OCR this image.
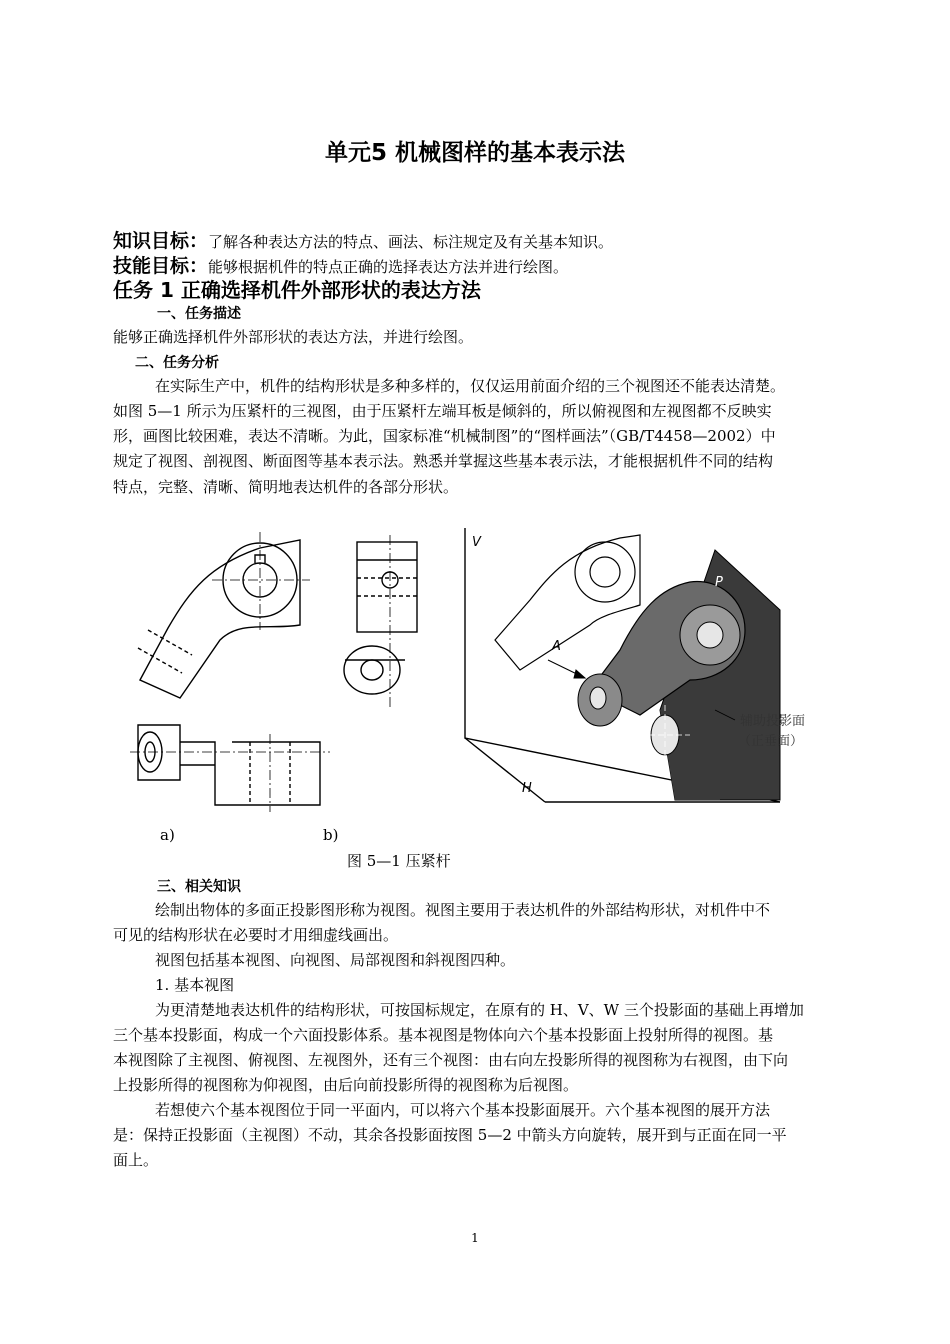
单元5 机械图样的基本表示法
知识目标：了解各种表达方法的特点、画法、标注规定及有关基本知识。
技能目标：能够根据机件的特点正确的选择表达方法并进行绘图。
任务 1 正确选择机件外部形状的表达方法
一、任务描述
能够正确选择机件外部形状的表达方法，并进行绘图。
二、任务分析
在实际生产中，机件的结构形状是多种多样的，仅仅运用前面介绍的三个视图还不能表达清楚。
如图 5—1 所示为压紧杆的三视图，由于压紧杆左端耳板是倾斜的，所以俯视图和左视图都不反映实
形，画图比较困难，表达不清晰。为此，国家标准“机械制图”的“图样画法”（GB/T4458—2002）中
规定了视图、剖视图、断面图等基本表示法。熟悉并掌握这些基本表示法，才能根据机件不同的结构
特点，完整、清晰、简明地表达机件的各部分形状。
V
H
P
A
辅助投影面
（正垂面）
a)	b)
图 5—1 压紧杆
三、相关知识
绘制出物体的多面正投影图形称为视图。视图主要用于表达机件的外部结构形状，对机件中不
可见的结构形状在必要时才用细虚线画出。
视图包括基本视图、向视图、局部视图和斜视图四种。
1. 基本视图
为更清楚地表达机件的结构形状，可按国标规定，在原有的 H、V、W 三个投影面的基础上再增加
三个基本投影面，构成一个六面投影体系。基本视图是物体向六个基本投影面上投射所得的视图。基
本视图除了主视图、俯视图、左视图外，还有三个视图：由右向左投影所得的视图称为右视图，由下向
上投影所得的视图称为仰视图，由后向前投影所得的视图称为后视图。
若想使六个基本视图位于同一平面内，可以将六个基本投影面展开。六个基本视图的展开方法
是：保持正投影面（主视图）不动，其余各投影面按图 5—2 中箭头方向旋转，展开到与正面在同一平
面上。
1
